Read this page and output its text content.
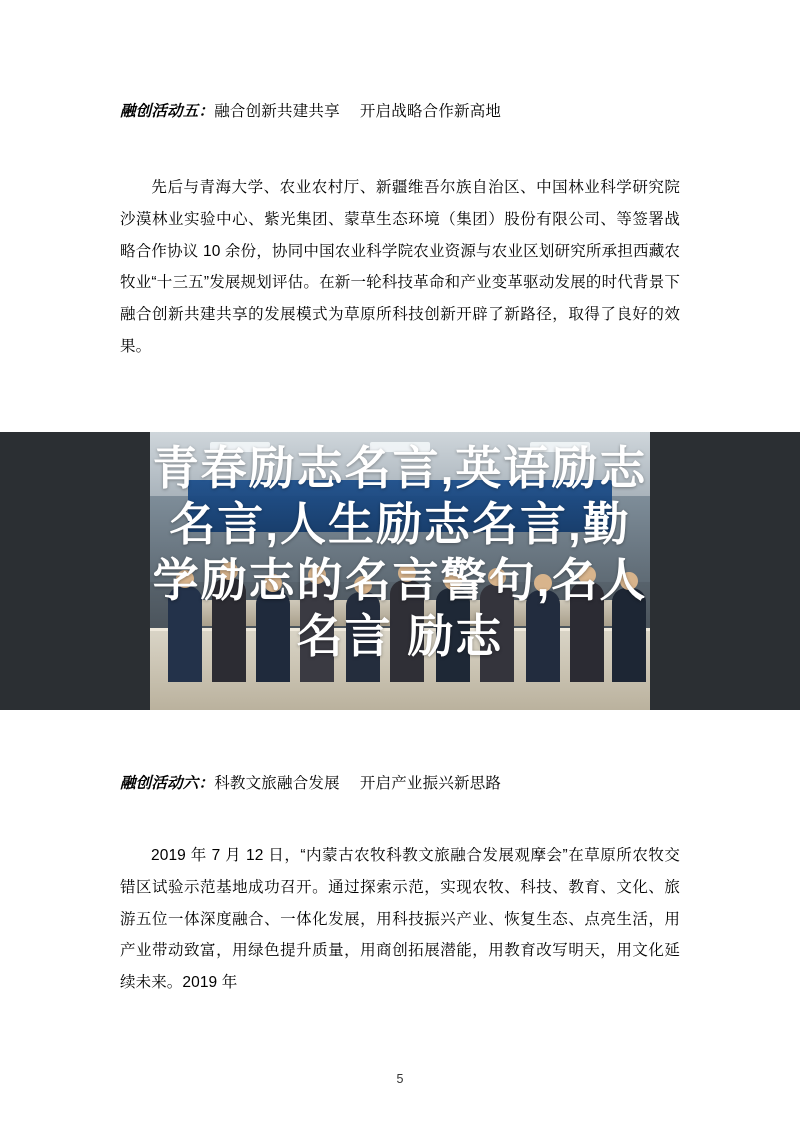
融创活动五：融合创新共建共享 开启战略合作新高地

先后与青海大学、农业农村厅、新疆维吾尔族自治区、中国林业科学研究院沙漠林业实验中心、紫光集团、蒙草生态环境（集团）股份有限公司、等签署战略合作协议 10 余份，协同中国农业科学院农业资源与农业区划研究所承担西藏农牧业“十三五”发展规划评估。在新一轮科技革命和产业变革驱动发展的时代背景下融合创新共建共享的发展模式为草原所科技创新开辟了新路径，取得了良好的效果。

青春励志名言,英语励志
名言,人生励志名言,勤
学励志的名言警句,名人
名言 励志

融创活动六：科教文旅融合发展 开启产业振兴新思路

2019 年 7 月 12 日，“内蒙古农牧科教文旅融合发展观摩会”在草原所农牧交错区试验示范基地成功召开。通过探索示范，实现农牧、科技、教育、文化、旅游五位一体深度融合、一体化发展，用科技振兴产业、恢复生态、点亮生活，用产业带动致富，用绿色提升质量，用商创拓展潜能，用教育改写明天，用文化延续未来。2019 年

5
